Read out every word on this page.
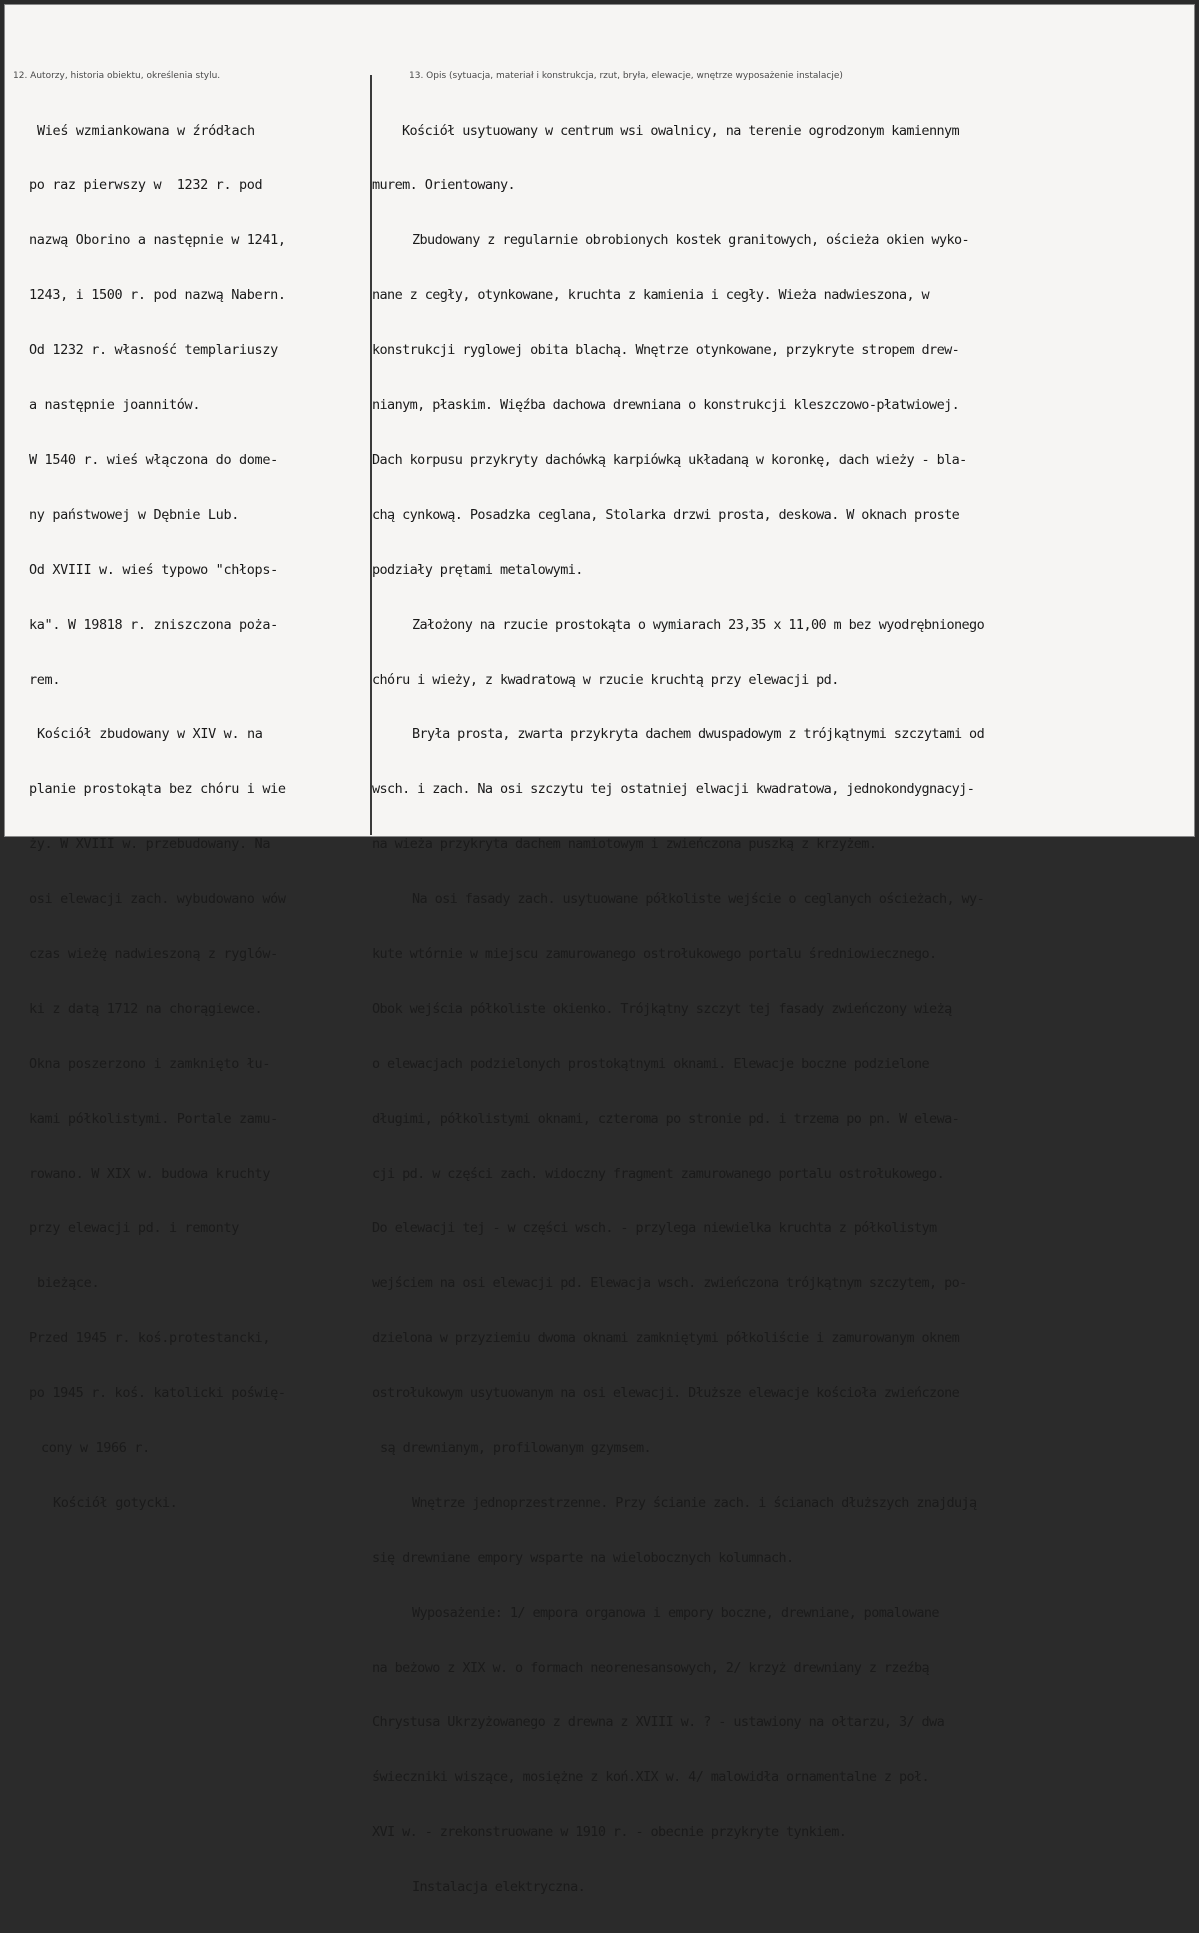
12. Autorzy, historia obiektu, określenia stylu.	13. Opis (sytuacja, materiał i konstrukcja, rzut, bryła, elewacje, wnętrze wyposażenie instalacje)

Wieś wzmiankowana w źródłach

po raz pierwszy w  1232 r. pod

nazwą Oborino a następnie w 1241,

1243, i 1500 r. pod nazwą Nabern.

Od 1232 r. własność templariuszy

a następnie joannitów.

W 1540 r. wieś włączona do dome-

ny państwowej w Dębnie Lub.

Od XVIII w. wieś typowo "chłops-

ka". W 19818 r. zniszczona poża-

rem.

Kościół zbudowany w XIV w. na

planie prostokąta bez chóru i wie

ży. W XVIII w. przebudowany. Na

osi elewacji zach. wybudowano wów

czas wieżę nadwieszoną z ryglów-

ki z datą 1712 na chorągiewce.

Okna poszerzono i zamknięto łu-

kami półkolistymi. Portale zamu-

rowano. W XIX w. budowa kruchty

przy elewacji pd. i remonty

bieżące.

Przed 1945 r. koś.protestancki,

po 1945 r. koś. katolicki poświę-

cony w 1966 r.

Kościół gotycki.

Kościół usytuowany w centrum wsi owalnicy, na terenie ogrodzonym kamiennym

murem. Orientowany.

Zbudowany z regularnie obrobionych kostek granitowych, ościeża okien wyko-

nane z cegły, otynkowane, kruchta z kamienia i cegły. Wieża nadwieszona, w

konstrukcji ryglowej obita blachą. Wnętrze otynkowane, przykryte stropem drew-

nianym, płaskim. Więźba dachowa drewniana o konstrukcji kleszczowo-płatwiowej.

Dach korpusu przykryty dachówką karpiówką układaną w koronkę, dach wieży - bla-

chą cynkową. Posadzka ceglana, Stolarka drzwi prosta, deskowa. W oknach proste

podziały prętami metalowymi.

Założony na rzucie prostokąta o wymiarach 23,35 x 11,00 m bez wyodrębnionego

chóru i wieży, z kwadratową w rzucie kruchtą przy elewacji pd.

Bryła prosta, zwarta przykryta dachem dwuspadowym z trójkątnymi szczytami od

wsch. i zach. Na osi szczytu tej ostatniej elwacji kwadratowa, jednokondygnacyj-

na wieża przykryta dachem namiotowym i zwieńczona puszką z krzyżem.

Na osi fasady zach. usytuowane półkoliste wejście o ceglanych ościeżach, wy-

kute wtórnie w miejscu zamurowanego ostrołukowego portalu średniowiecznego.

Obok wejścia półkoliste okienko. Trójkątny szczyt tej fasady zwieńczony wieżą

o elewacjach podzielonych prostokątnymi oknami. Elewacje boczne podzielone

długimi, półkolistymi oknami, czteroma po stronie pd. i trzema po pn. W elewa-

cji pd. w części zach. widoczny fragment zamurowanego portalu ostrołukowego.

Do elewacji tej - w części wsch. - przylega niewielka kruchta z półkolistym

wejściem na osi elewacji pd. Elewacja wsch. zwieńczona trójkątnym szczytem, po-

dzielona w przyziemiu dwoma oknami zamkniętymi półkoliście i zamurowanym oknem

ostrołukowym usytuowanym na osi elewacji. Dłuższe elewacje kościoła zwieńczone

są drewnianym, profilowanym gzymsem.

Wnętrze jednoprzestrzenne. Przy ścianie zach. i ścianach dłuższych znajdują

się drewniane empory wsparte na wielobocznych kolumnach.

Wyposażenie: 1/ empora organowa i empory boczne, drewniane, pomalowane

na beżowo z XIX w. o formach neorenesansowych, 2/ krzyż drewniany z rzeźbą

Chrystusa Ukrzyżowanego z drewna z XVIII w. ? - ustawiony na ołtarzu, 3/ dwa

świeczniki wiszące, mosiężne z koń.XIX w. 4/ malowidła ornamentalne z poł.

XVI w. - zrekonstruowane w 1910 r. - obecnie przykryte tynkiem.

Instalacja elektryczna.
